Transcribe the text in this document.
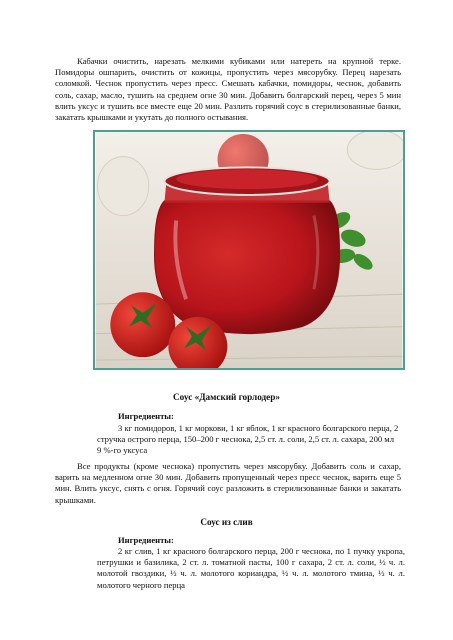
Кабачки очистить, нарезать мелкими кубиками или натереть на крупной терке. Помидоры ошпарить, очистить от кожицы, пропустить через мясорубку. Перец нарезать соломкой. Чеснок пропустить через пресс. Смешать кабачки, помидоры, чеснок, добавить соль, сахар, масло, тушить на среднем огне 30 мин. Добавить болгарский перец, через 5 мин влить уксус и тушить все вместе еще 20 мин. Разлить горячий соус в стерилизованные банки, закатать крышками и укутать до полного остывания.

Соус «Дамский горлодер»

Ингредиенты:

3 кг помидоров, 1 кг моркови, 1 кг яблок, 1 кг красного болгарского перца, 2 стручка острого перца, 150–200 г чеснока, 2,5 ст. л. соли, 2,5 ст. л. сахара, 200 мл
9 %-го уксуса

Все продукты (кроме чеснока) пропустить через мясорубку. Добавить соль и сахар, варить на медленном огне 30 мин. Добавить пропущенный через пресс чеснок, варить еще 5 мин. Влить уксус, снять с огня. Горячий соус разложить в стерилизованные банки и закатать крышками.

Соус из слив

Ингредиенты:

2 кг слив, 1 кг красного болгарского перца, 200 г чеснока, по 1 пучку укропа, петрушки и базилика, 2 ст. л. томатной пасты, 100 г сахара, 2 ст. л. соли, ½ ч. л. молотой гвоздики, ½ ч. л. молотого кориандра, ½ ч. л. молотого тмина, ½ ч. л. молотого черного перца
